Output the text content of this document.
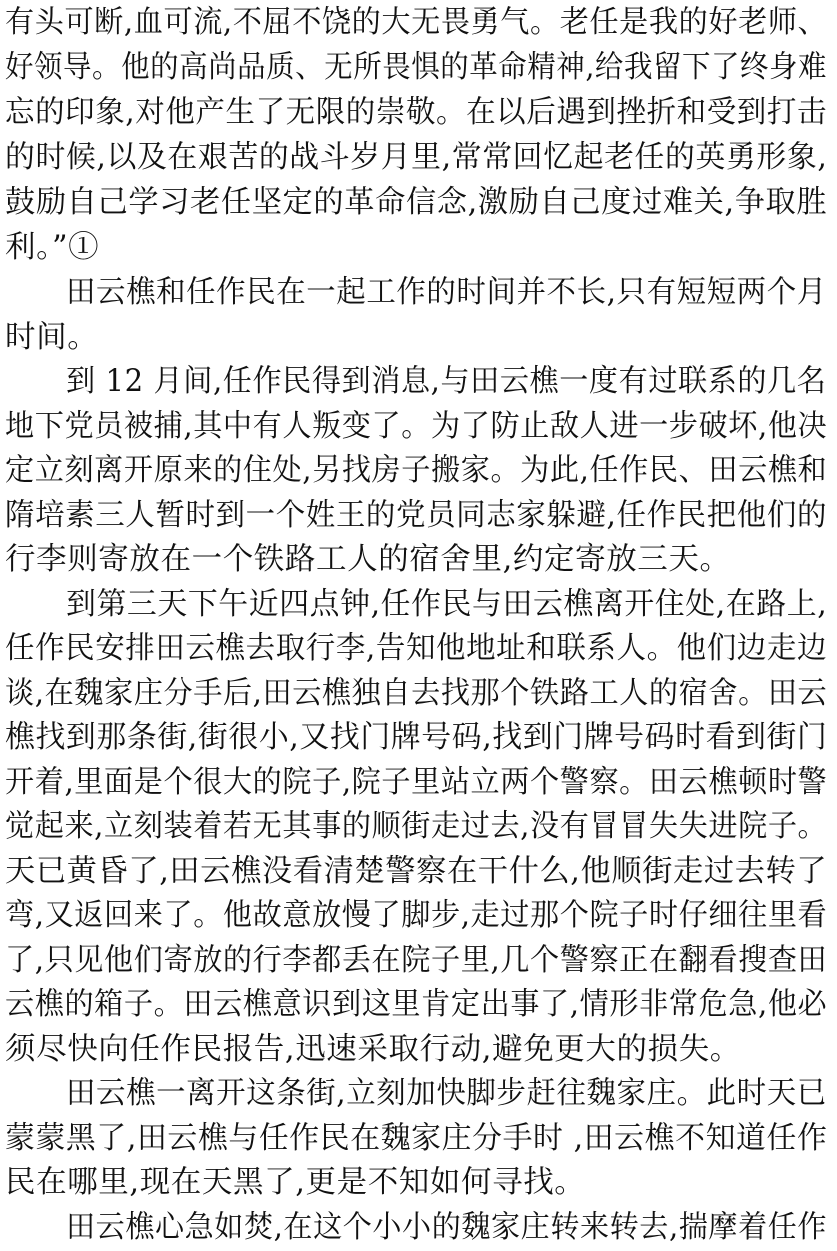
有头可断,血可流,不屈不饶的大无畏勇气。老任是我的好老师、
好领导。他的高尚品质、无所畏惧的革命精神,给我留下了终身难
忘的印象,对他产生了无限的崇敬。在以后遇到挫折和受到打击
的时候,以及在艰苦的战斗岁月里,常常回忆起老任的英勇形象,
鼓励自己学习老任坚定的革命信念,激励自己度过难关,争取胜
利。”①
田云樵和任作民在一起工作的时间并不长,只有短短两个月
时间。
到 12 月间,任作民得到消息,与田云樵一度有过联系的几名
地下党员被捕,其中有人叛变了。为了防止敌人进一步破坏,他决
定立刻离开原来的住处,另找房子搬家。为此,任作民、田云樵和
隋培素三人暂时到一个姓王的党员同志家躲避,任作民把他们的
行李则寄放在一个铁路工人的宿舍里,约定寄放三天。
到第三天下午近四点钟,任作民与田云樵离开住处,在路上,
任作民安排田云樵去取行李,告知他地址和联系人。他们边走边
谈,在魏家庄分手后,田云樵独自去找那个铁路工人的宿舍。田云
樵找到那条街,街很小,又找门牌号码,找到门牌号码时看到街门
开着,里面是个很大的院子,院子里站立两个警察。田云樵顿时警
觉起来,立刻装着若无其事的顺街走过去,没有冒冒失失进院子。
天已黄昏了,田云樵没看清楚警察在干什么,他顺街走过去转了
弯,又返回来了。他故意放慢了脚步,走过那个院子时仔细往里看
了,只见他们寄放的行李都丢在院子里,几个警察正在翻看搜查田
云樵的箱子。田云樵意识到这里肯定出事了,情形非常危急,他必
须尽快向任作民报告,迅速采取行动,避免更大的损失。
田云樵一离开这条街,立刻加快脚步赶往魏家庄。此时天已
蒙蒙黑了,田云樵与任作民在魏家庄分手时 ,田云樵不知道任作
民在哪里,现在天黑了,更是不知如何寻找。
田云樵心急如焚,在这个小小的魏家庄转来转去,揣摩着任作
